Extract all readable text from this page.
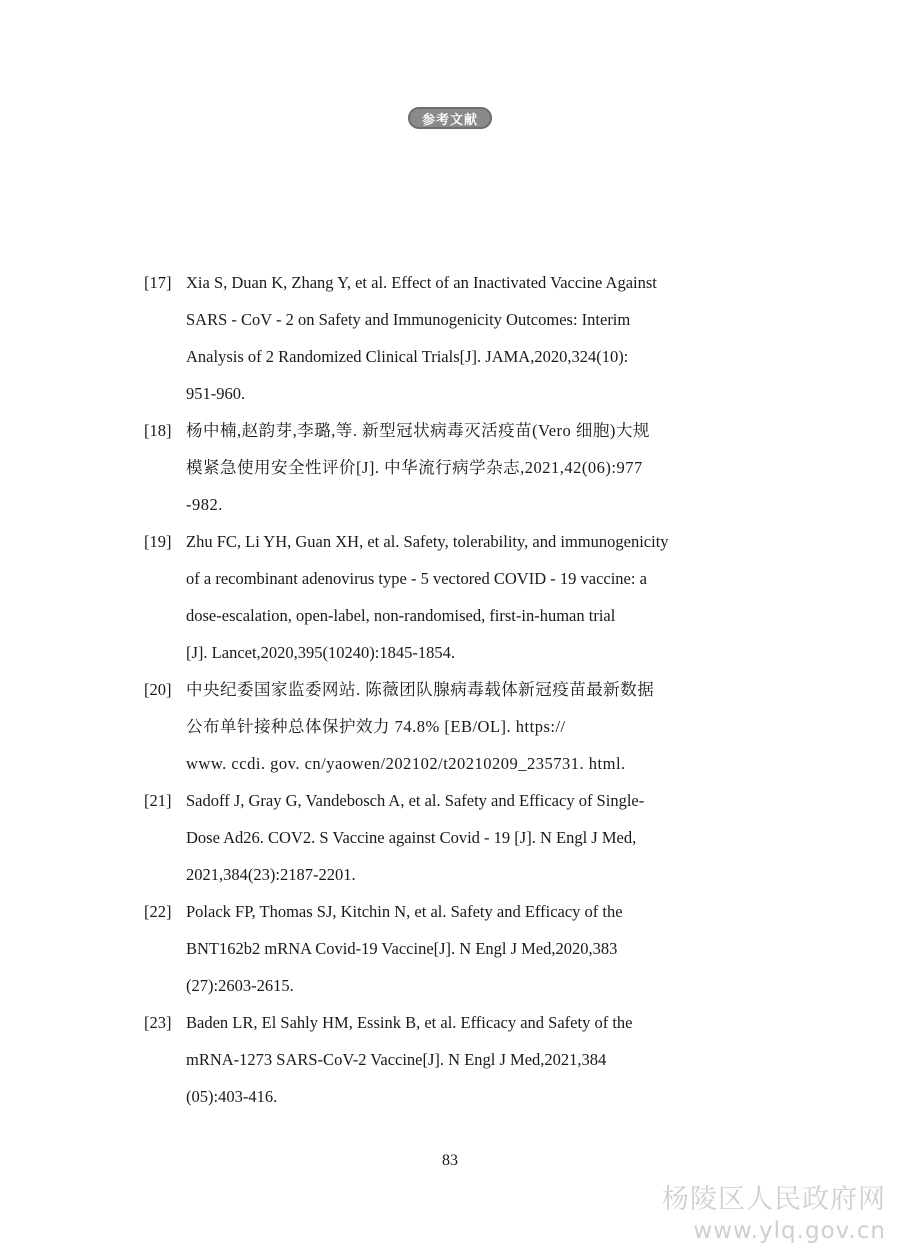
参考文献
[17] Xia S, Duan K, Zhang Y, et al. Effect of an Inactivated Vaccine Against
SARS - CoV - 2 on Safety and Immunogenicity Outcomes: Interim
Analysis of 2 Randomized Clinical Trials[J]. JAMA,2020,324(10):
951-960.
[18] 杨中楠,赵韵芽,李璐,等. 新型冠状病毒灭活疫苗(Vero 细胞)大规
模紧急使用安全性评价[J]. 中华流行病学杂志,2021,42(06):977
-982.
[19] Zhu FC, Li YH, Guan XH, et al. Safety, tolerability, and immunogenicity
of a recombinant adenovirus type - 5 vectored COVID - 19 vaccine: a
dose-escalation, open-label, non-randomised, first-in-human trial
[J]. Lancet,2020,395(10240):1845-1854.
[20] 中央纪委国家监委网站. 陈薇团队腺病毒载体新冠疫苗最新数据
公布单针接种总体保护效力 74.8% [EB/OL]. https://
www. ccdi. gov. cn/yaowen/202102/t20210209_235731. html.
[21] Sadoff J, Gray G, Vandebosch A, et al. Safety and Efficacy of Single-
Dose Ad26. COV2. S Vaccine against Covid - 19 [J]. N Engl J Med,
2021,384(23):2187-2201.
[22] Polack FP, Thomas SJ, Kitchin N, et al. Safety and Efficacy of the
BNT162b2 mRNA Covid-19 Vaccine[J]. N Engl J Med,2020,383
(27):2603-2615.
[23] Baden LR, El Sahly HM, Essink B, et al. Efficacy and Safety of the
mRNA-1273 SARS-CoV-2 Vaccine[J]. N Engl J Med,2021,384
(05):403-416.
83
杨陵区人民政府网
www.ylq.gov.cn
